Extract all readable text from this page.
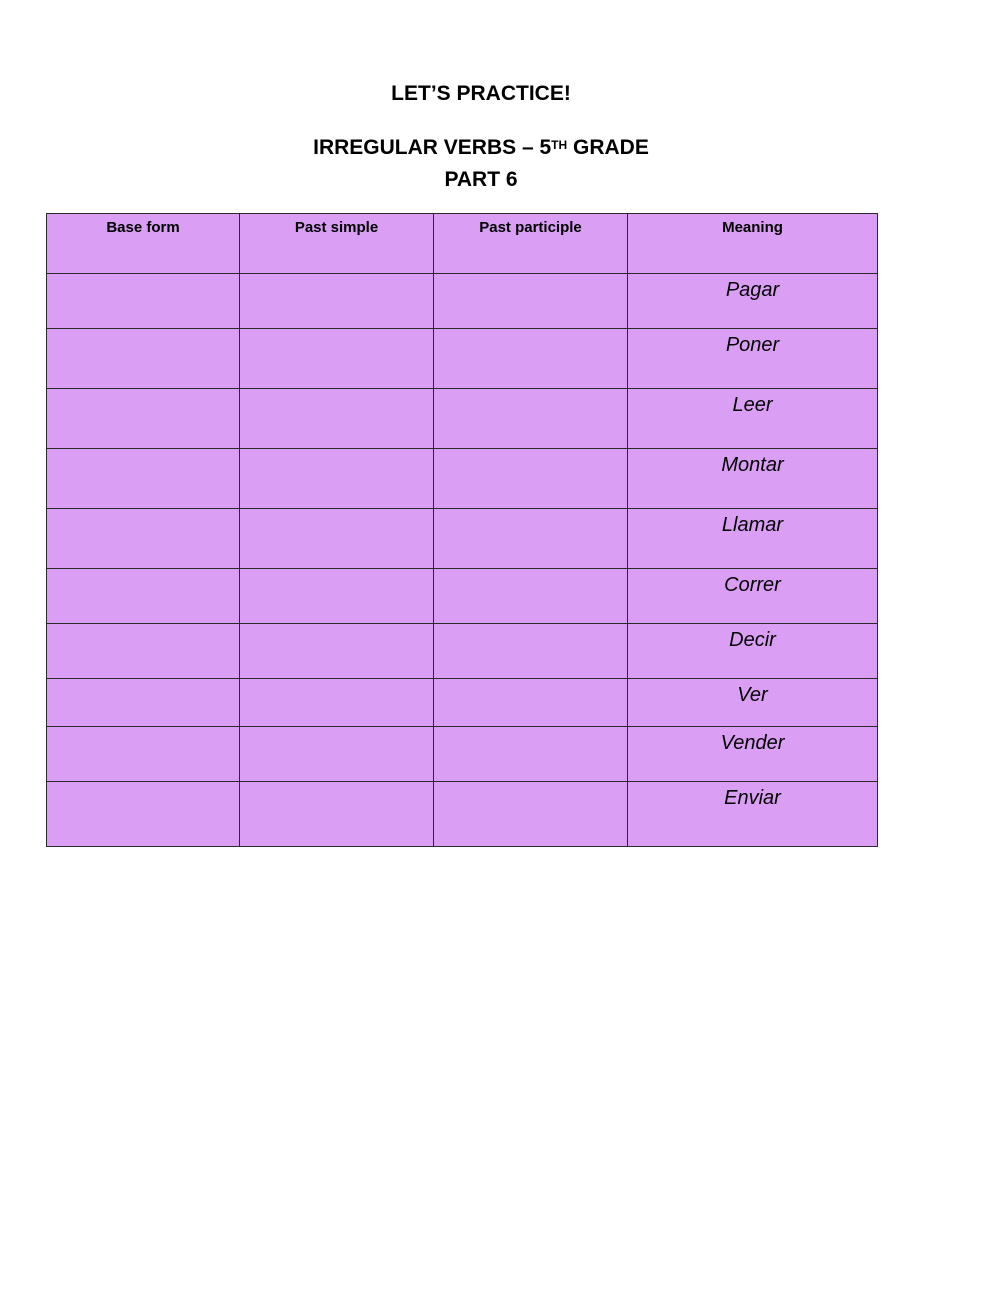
LET’S PRACTICE!
IRREGULAR VERBS – 5TH GRADE
PART 6
Base form	Past simple	Past participle	Meaning
			Pagar
			Poner
			Leer
			Montar
			Llamar
			Correr
			Decir
			Ver
			Vender
			Enviar
